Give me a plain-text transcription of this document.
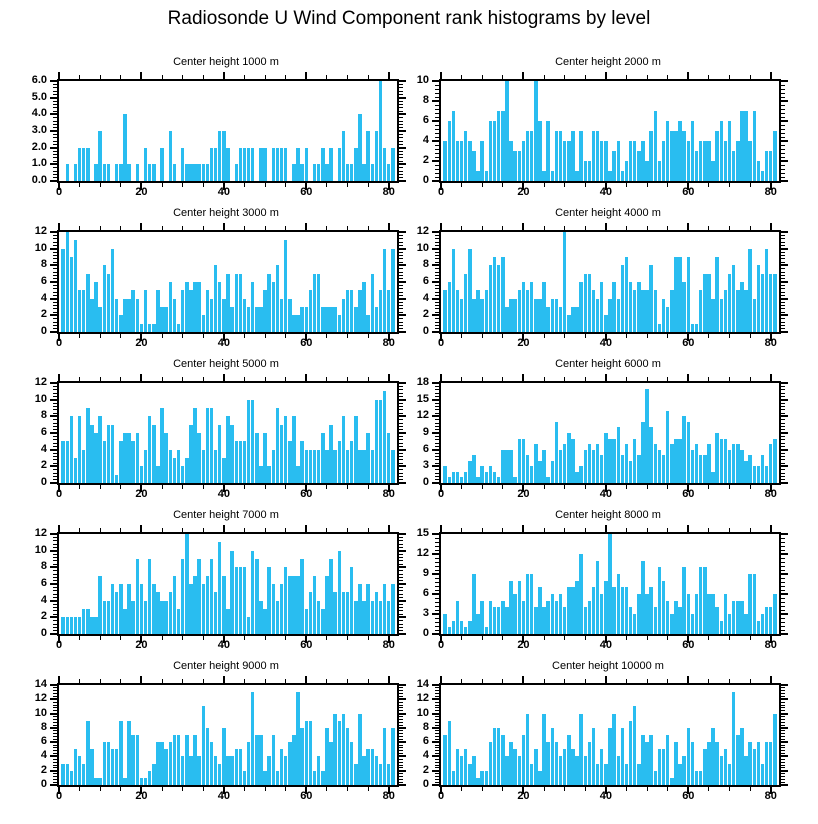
Radiosonde U Wind Component rank histograms by level
Center height 1000 m
0.0
1.0
2.0
3.0
4.0
5.0
6.0
0	20	40	60	80
Center height 2000 m
0
2
4
6
8
10
0	20	40	60	80
Center height 3000 m
0
2
4
6
8
10
12
0	20	40	60	80
Center height 4000 m
0
2
4
6
8
10
12
0	20	40	60	80
Center height 5000 m
0
2
4
6
8
10
12
0	20	40	60	80
Center height 6000 m
0
3
6
9
12
15
18
0	20	40	60	80
Center height 7000 m
0
2
4
6
8
10
12
0	20	40	60	80
Center height 8000 m
0
3
6
9
12
15
0	20	40	60	80
Center height 9000 m
0
2
4
6
8
10
12
14
0	20	40	60	80
Center height 10000 m
0
2
4
6
8
10
12
14
0	20	40	60	80
